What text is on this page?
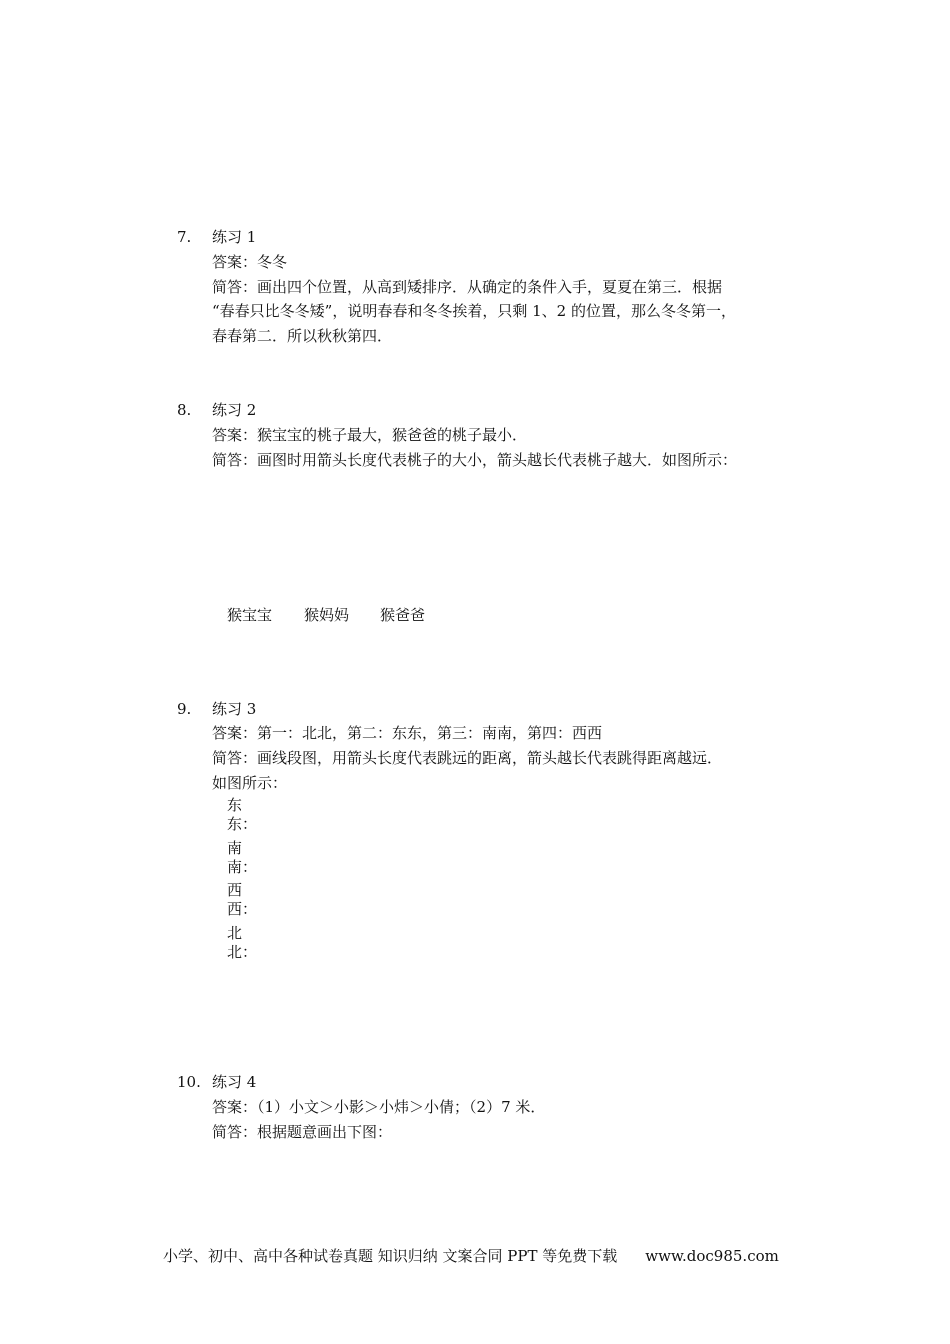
7. 练习 1
答案：冬冬
简答：画出四个位置，从高到矮排序．从确定的条件入手，夏夏在第三．根据
“春春只比冬冬矮”，说明春春和冬冬挨着，只剩 1、2 的位置，那么冬冬第一，
春春第二．所以秋秋第四．
8. 练习 2
答案：猴宝宝的桃子最大，猴爸爸的桃子最小．
简答：画图时用箭头长度代表桃子的大小，箭头越长代表桃子越大．如图所示：
猴宝宝 猴妈妈 猴爸爸
9. 练习 3
答案：第一：北北，第二：东东，第三：南南，第四：西西
简答：画线段图，用箭头长度代表跳远的距离，箭头越长代表跳得距离越远．
如图所示：
东
东：
南
南：
西
西：
北
北：
10. 练习 4
答案：（1）小文＞小影＞小炜＞小倩；（2）7 米．
简答：根据题意画出下图：
小学、初中、高中各种试卷真题 知识归纳 文案合同 PPT 等免费下载 www.doc985.com
